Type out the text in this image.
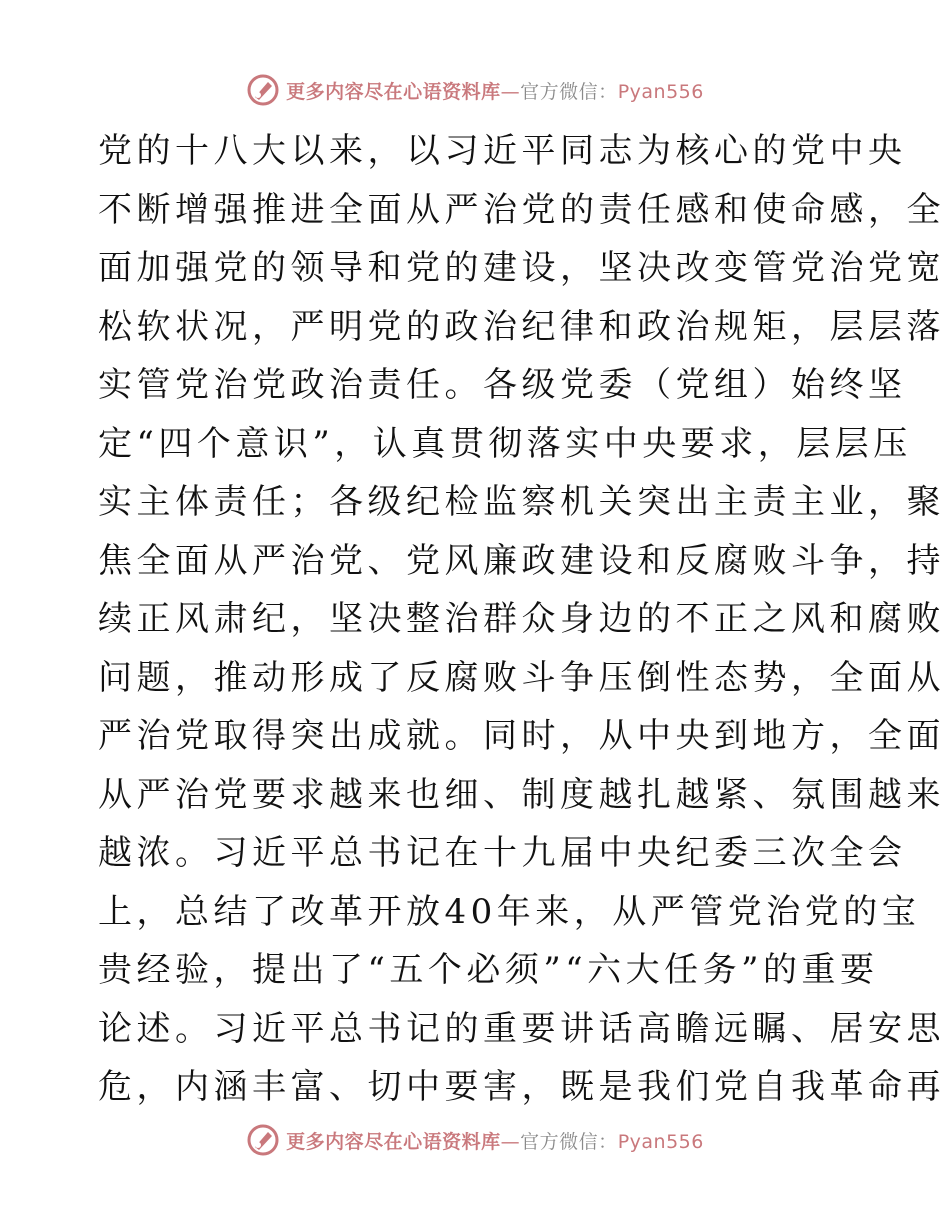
更多内容尽在心语资料库—官方微信：Pyan556
党的十八大以来，以习近平同志为核心的党中央
不断增强推进全面从严治党的责任感和使命感，全
面加强党的领导和党的建设，坚决改变管党治党宽
松软状况，严明党的政治纪律和政治规矩，层层落
实管党治党政治责任。各级党委（党组）始终坚
定“四个意识”，认真贯彻落实中央要求，层层压
实主体责任；各级纪检监察机关突出主责主业，聚
焦全面从严治党、党风廉政建设和反腐败斗争，持
续正风肃纪，坚决整治群众身边的不正之风和腐败
问题，推动形成了反腐败斗争压倒性态势，全面从
严治党取得突出成就。同时，从中央到地方，全面
从严治党要求越来也细、制度越扎越紧、氛围越来
越浓。习近平总书记在十九届中央纪委三次全会
上，总结了改革开放40年来，从严管党治党的宝
贵经验，提出了“五个必须”“六大任务”的重要
论述。习近平总书记的重要讲话高瞻远瞩、居安思
危，内涵丰富、切中要害，既是我们党自我革命再
更多内容尽在心语资料库—官方微信：Pyan556
